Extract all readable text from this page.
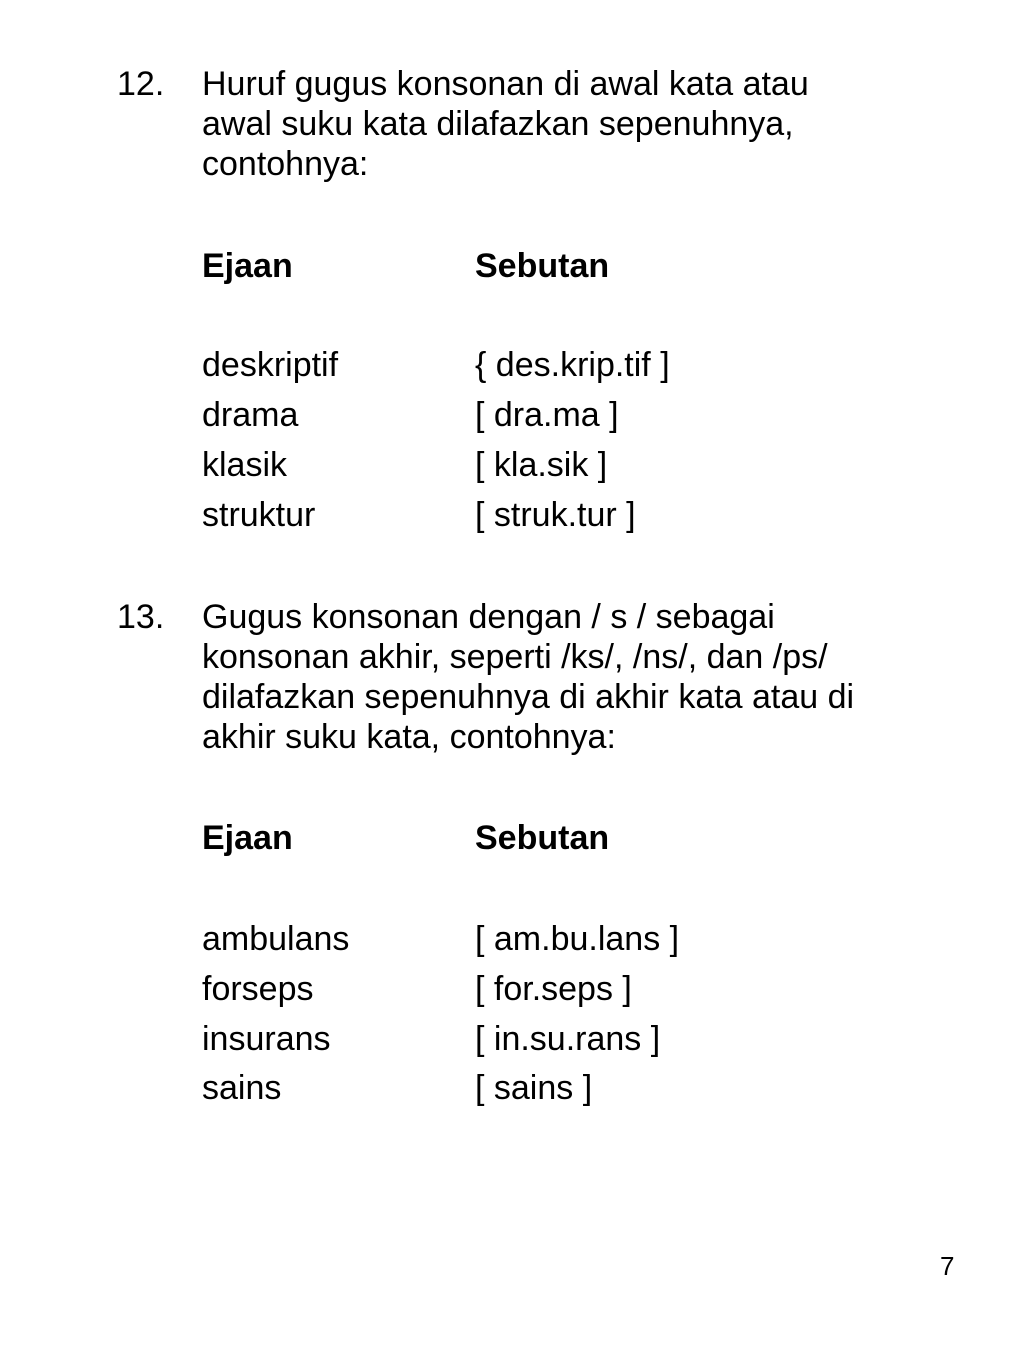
12. Huruf gugus konsonan di awal kata atau
awal suku kata dilafazkan sepenuhnya,
contohnya:
Ejaan	Sebutan
deskriptif	{ des.krip.tif ]
drama	[ dra.ma ]
klasik	[ kla.sik ]
struktur	[ struk.tur ]
13. Gugus konsonan dengan / s / sebagai
konsonan akhir, seperti /ks/, /ns/, dan /ps/
dilafazkan sepenuhnya di akhir kata atau di
akhir suku kata, contohnya:
Ejaan	Sebutan
ambulans	[ am.bu.lans ]
forseps	[ for.seps ]
insurans	[ in.su.rans ]
sains	[ sains ]
7
